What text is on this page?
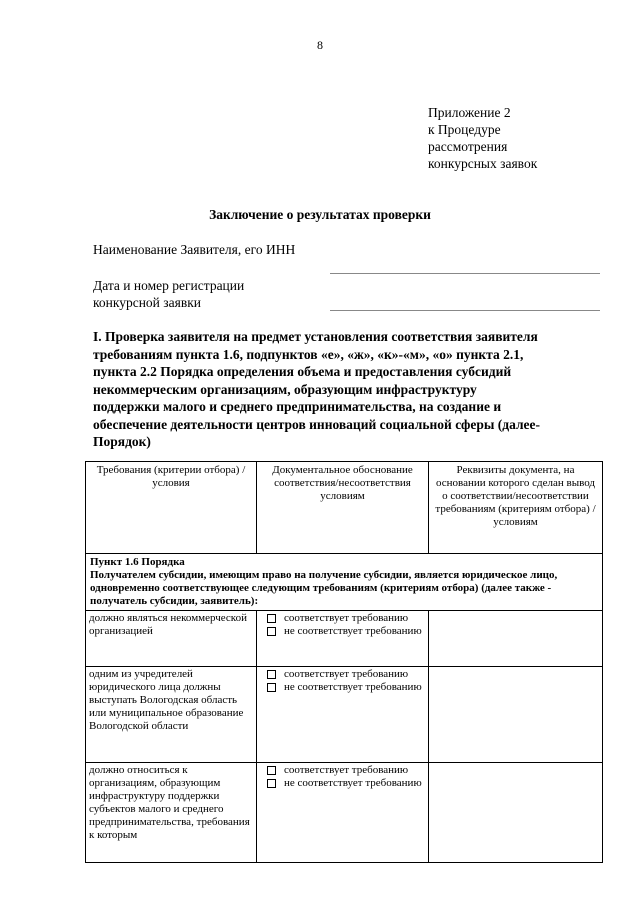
8
Приложение 2
к Процедуре
рассмотрения
конкурсных заявок
Заключение о результатах проверки
Наименование Заявителя, его ИНН
Дата и номер регистрации
конкурсной заявки
I. Проверка заявителя на предмет установления соответствия заявителя
требованиям пункта 1.6, подпунктов «е», «ж», «к»-«м», «о» пункта 2.1,
пункта 2.2 Порядка определения объема и предоставления субсидий
некоммерческим организациям, образующим инфраструктуру
поддержки малого и среднего предпринимательства, на создание и
обеспечение деятельности центров инноваций социальной сферы (далее-
Порядок)
Требования (критерии отбора) / условия	Документальное обоснование соответствия/несоответствия условиям	Реквизиты документа, на основании которого сделан вывод о соответствии/несоответствии требованиям (критериям отбора) /условиям

Пункт 1.6 Порядка
Получателем субсидии, имеющим право на получение субсидии, является юридическое лицо, одновременно соответствующее следующим требованиям (критериям отбора) (далее также - получатель субсидии, заявитель):		

должно являться некоммерческой организацией	соответствует требованию
не соответствует требованию	

одним из учредителей юридического лица должны выступать Вологодская область или муниципальное образование Вологодской области	соответствует требованию
не соответствует требованию	

должно относиться к организациям, образующим инфраструктуру поддержки субъектов малого и среднего предпринимательства, требования к которым	соответствует требованию
не соответствует требованию	
